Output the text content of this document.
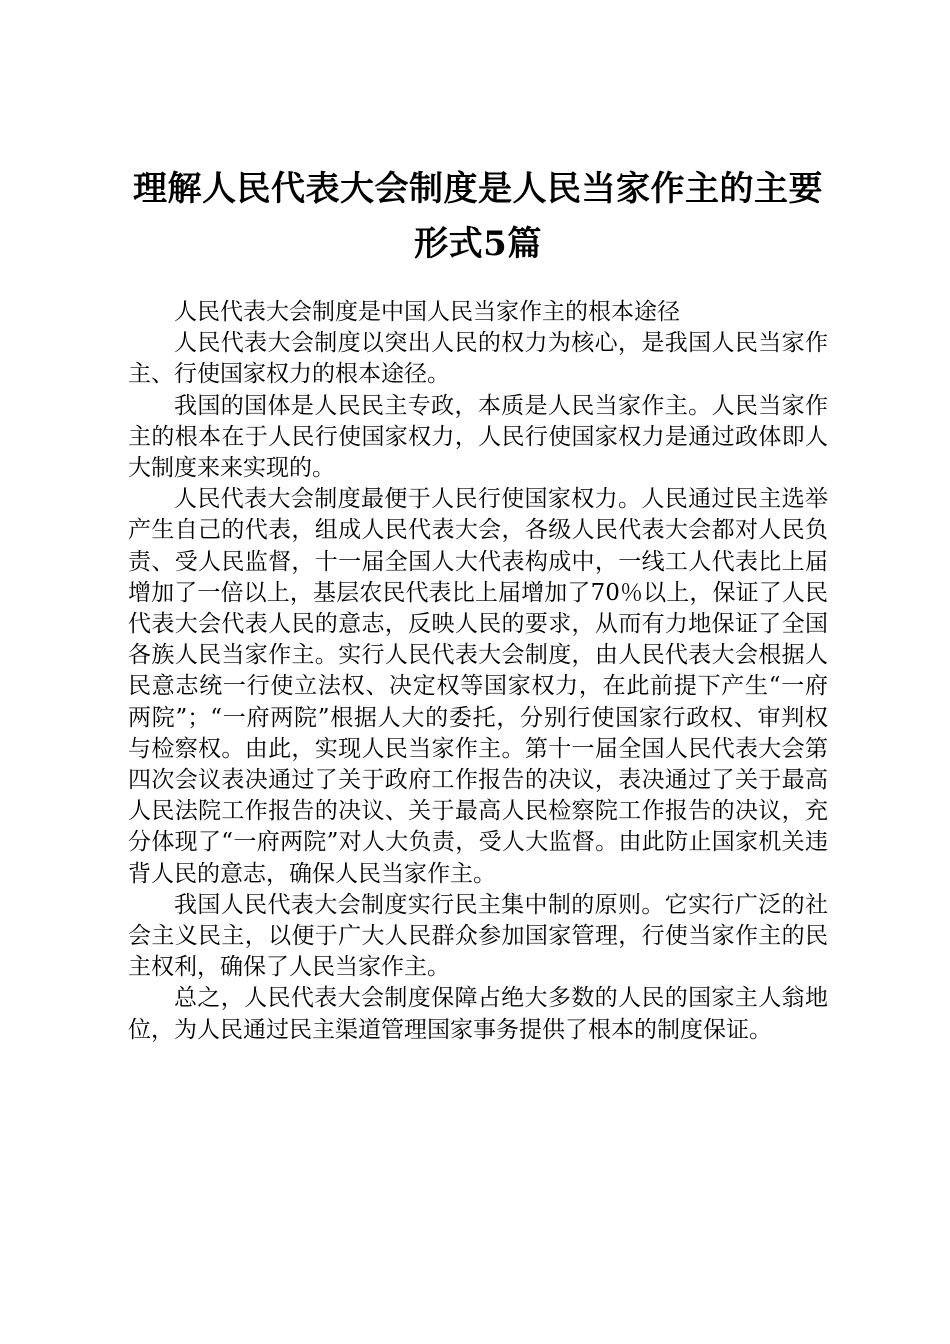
理解人民代表大会制度是人民当家作主的主要形式5篇

人民代表大会制度是中国人民当家作主的根本途径

人民代表大会制度以突出人民的权力为核心，是我国人民当家作主、行使国家权力的根本途径。

我国的国体是人民民主专政，本质是人民当家作主。人民当家作主的根本在于人民行使国家权力，人民行使国家权力是通过政体即人大制度来来实现的。

人民代表大会制度最便于人民行使国家权力。人民通过民主选举产生自己的代表，组成人民代表大会，各级人民代表大会都对人民负责、受人民监督，十一届全国人大代表构成中，一线工人代表比上届增加了一倍以上，基层农民代表比上届增加了70％以上，保证了人民代表大会代表人民的意志，反映人民的要求，从而有力地保证了全国各族人民当家作主。实行人民代表大会制度，由人民代表大会根据人民意志统一行使立法权、决定权等国家权力，在此前提下产生“一府两院”；“一府两院”根据人大的委托，分别行使国家行政权、审判权与检察权。由此，实现人民当家作主。第十一届全国人民代表大会第四次会议表决通过了关于政府工作报告的决议，表决通过了关于最高人民法院工作报告的决议、关于最高人民检察院工作报告的决议，充分体现了“一府两院”对人大负责，受人大监督。由此防止国家机关违背人民的意志，确保人民当家作主。

我国人民代表大会制度实行民主集中制的原则。它实行广泛的社会主义民主，以便于广大人民群众参加国家管理，行使当家作主的民主权利，确保了人民当家作主。

总之，人民代表大会制度保障占绝大多数的人民的国家主人翁地位，为人民通过民主渠道管理国家事务提供了根本的制度保证。
